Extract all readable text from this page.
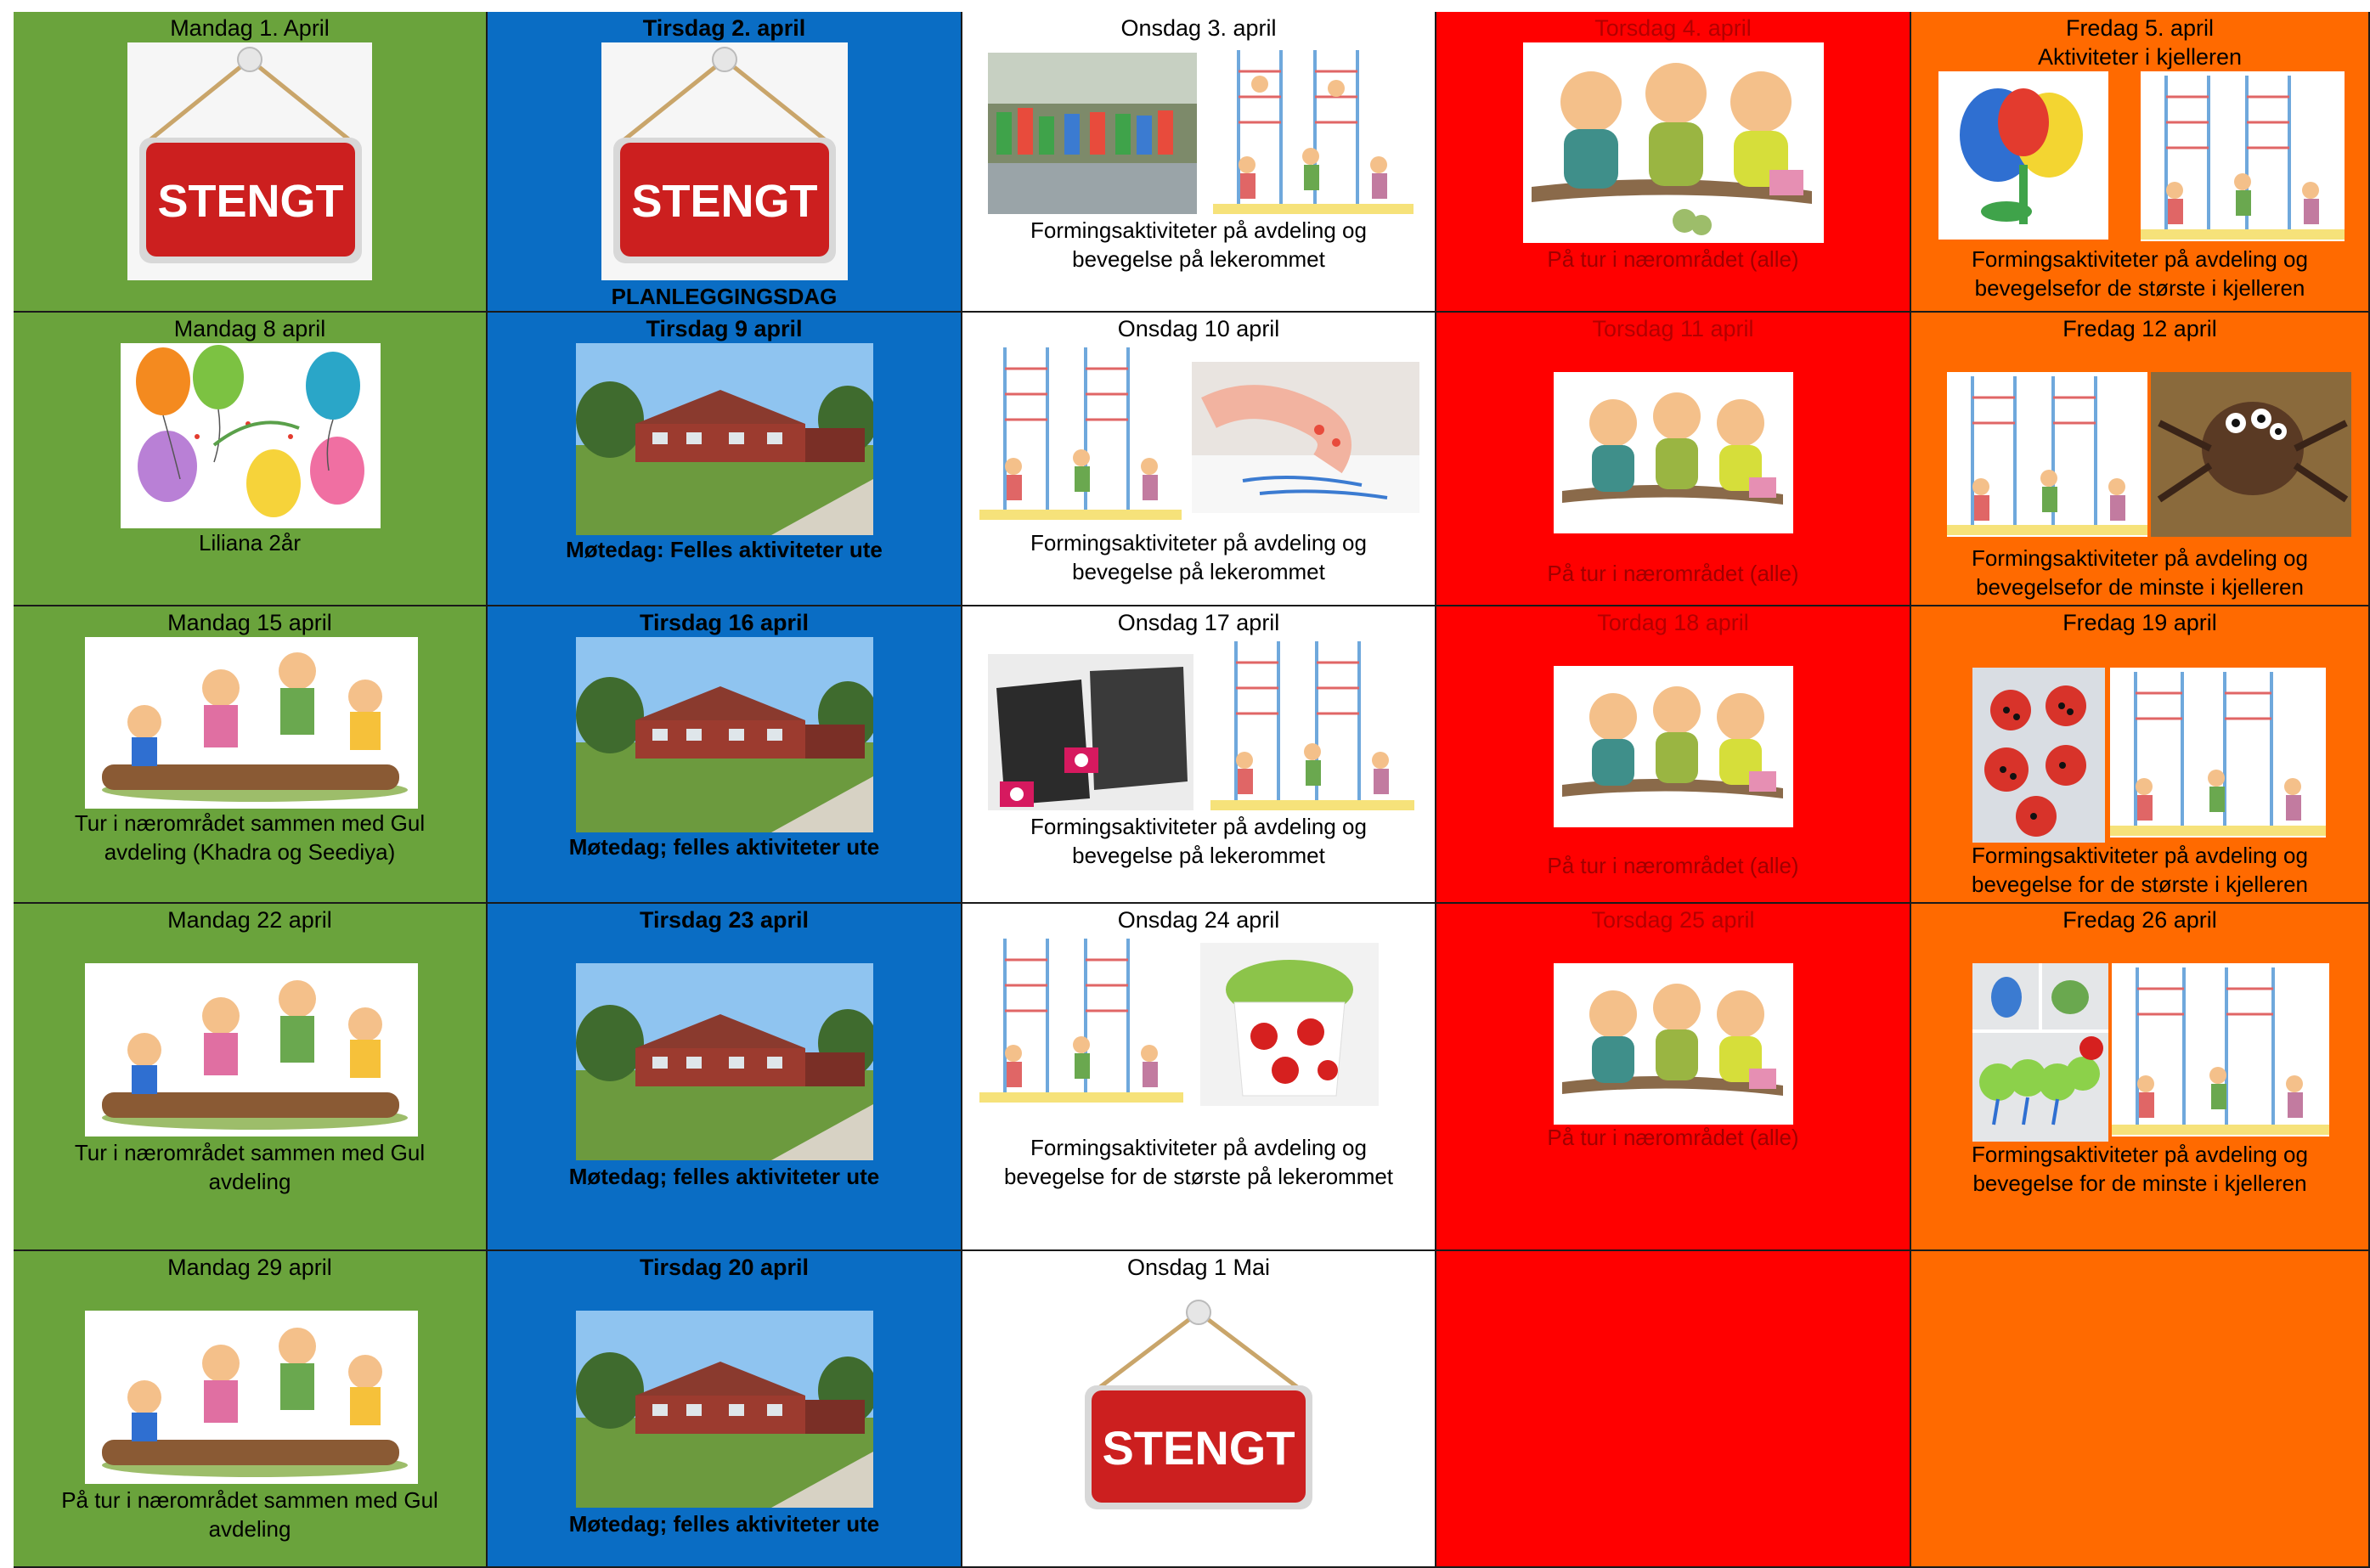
Mandag 1. April
STENGT
Tirsdag 2. april
STENGT
PLANLEGGINGSDAG
Onsdag 3. april
Formingsaktiviteter på avdeling og
bevegelse på lekerommet
Torsdag 4. april
På tur i nærområdet (alle)
Fredag 5. april
Aktiviteter i kjelleren
Formingsaktiviteter på avdeling og
bevegelsefor de største i kjelleren
Mandag 8 april
Liliana 2år
Tirsdag 9 april
Møtedag: Felles aktiviteter ute
Onsdag 10 april
Formingsaktiviteter på avdeling og
bevegelse på lekerommet
Torsdag 11 april
På tur i nærområdet (alle)
Fredag 12 april
Formingsaktiviteter på avdeling og
bevegelsefor de minste i kjelleren
Mandag 15 april
Tur i nærområdet sammen med Gul
avdeling (Khadra og Seediya)
Tirsdag 16 april
Møtedag; felles aktiviteter ute
Onsdag 17 april
Formingsaktiviteter på avdeling og
bevegelse på lekerommet
Tordag 18 april
På tur i nærområdet (alle)
Fredag 19 april
Formingsaktiviteter på avdeling og
bevegelse for de største i kjelleren
Mandag 22 april
Tur i nærområdet sammen med Gul
avdeling
Tirsdag 23 april
Møtedag; felles aktiviteter ute
Onsdag 24 april
Formingsaktiviteter på avdeling og
bevegelse for de største på lekerommet
Torsdag 25 april
På tur i nærområdet (alle)
Fredag 26 april
Formingsaktiviteter på avdeling og
bevegelse for de minste i kjelleren
Mandag 29 april
På tur i nærområdet sammen med Gul
avdeling
Tirsdag 20 april
Møtedag; felles aktiviteter ute
Onsdag 1 Mai
STENGT
